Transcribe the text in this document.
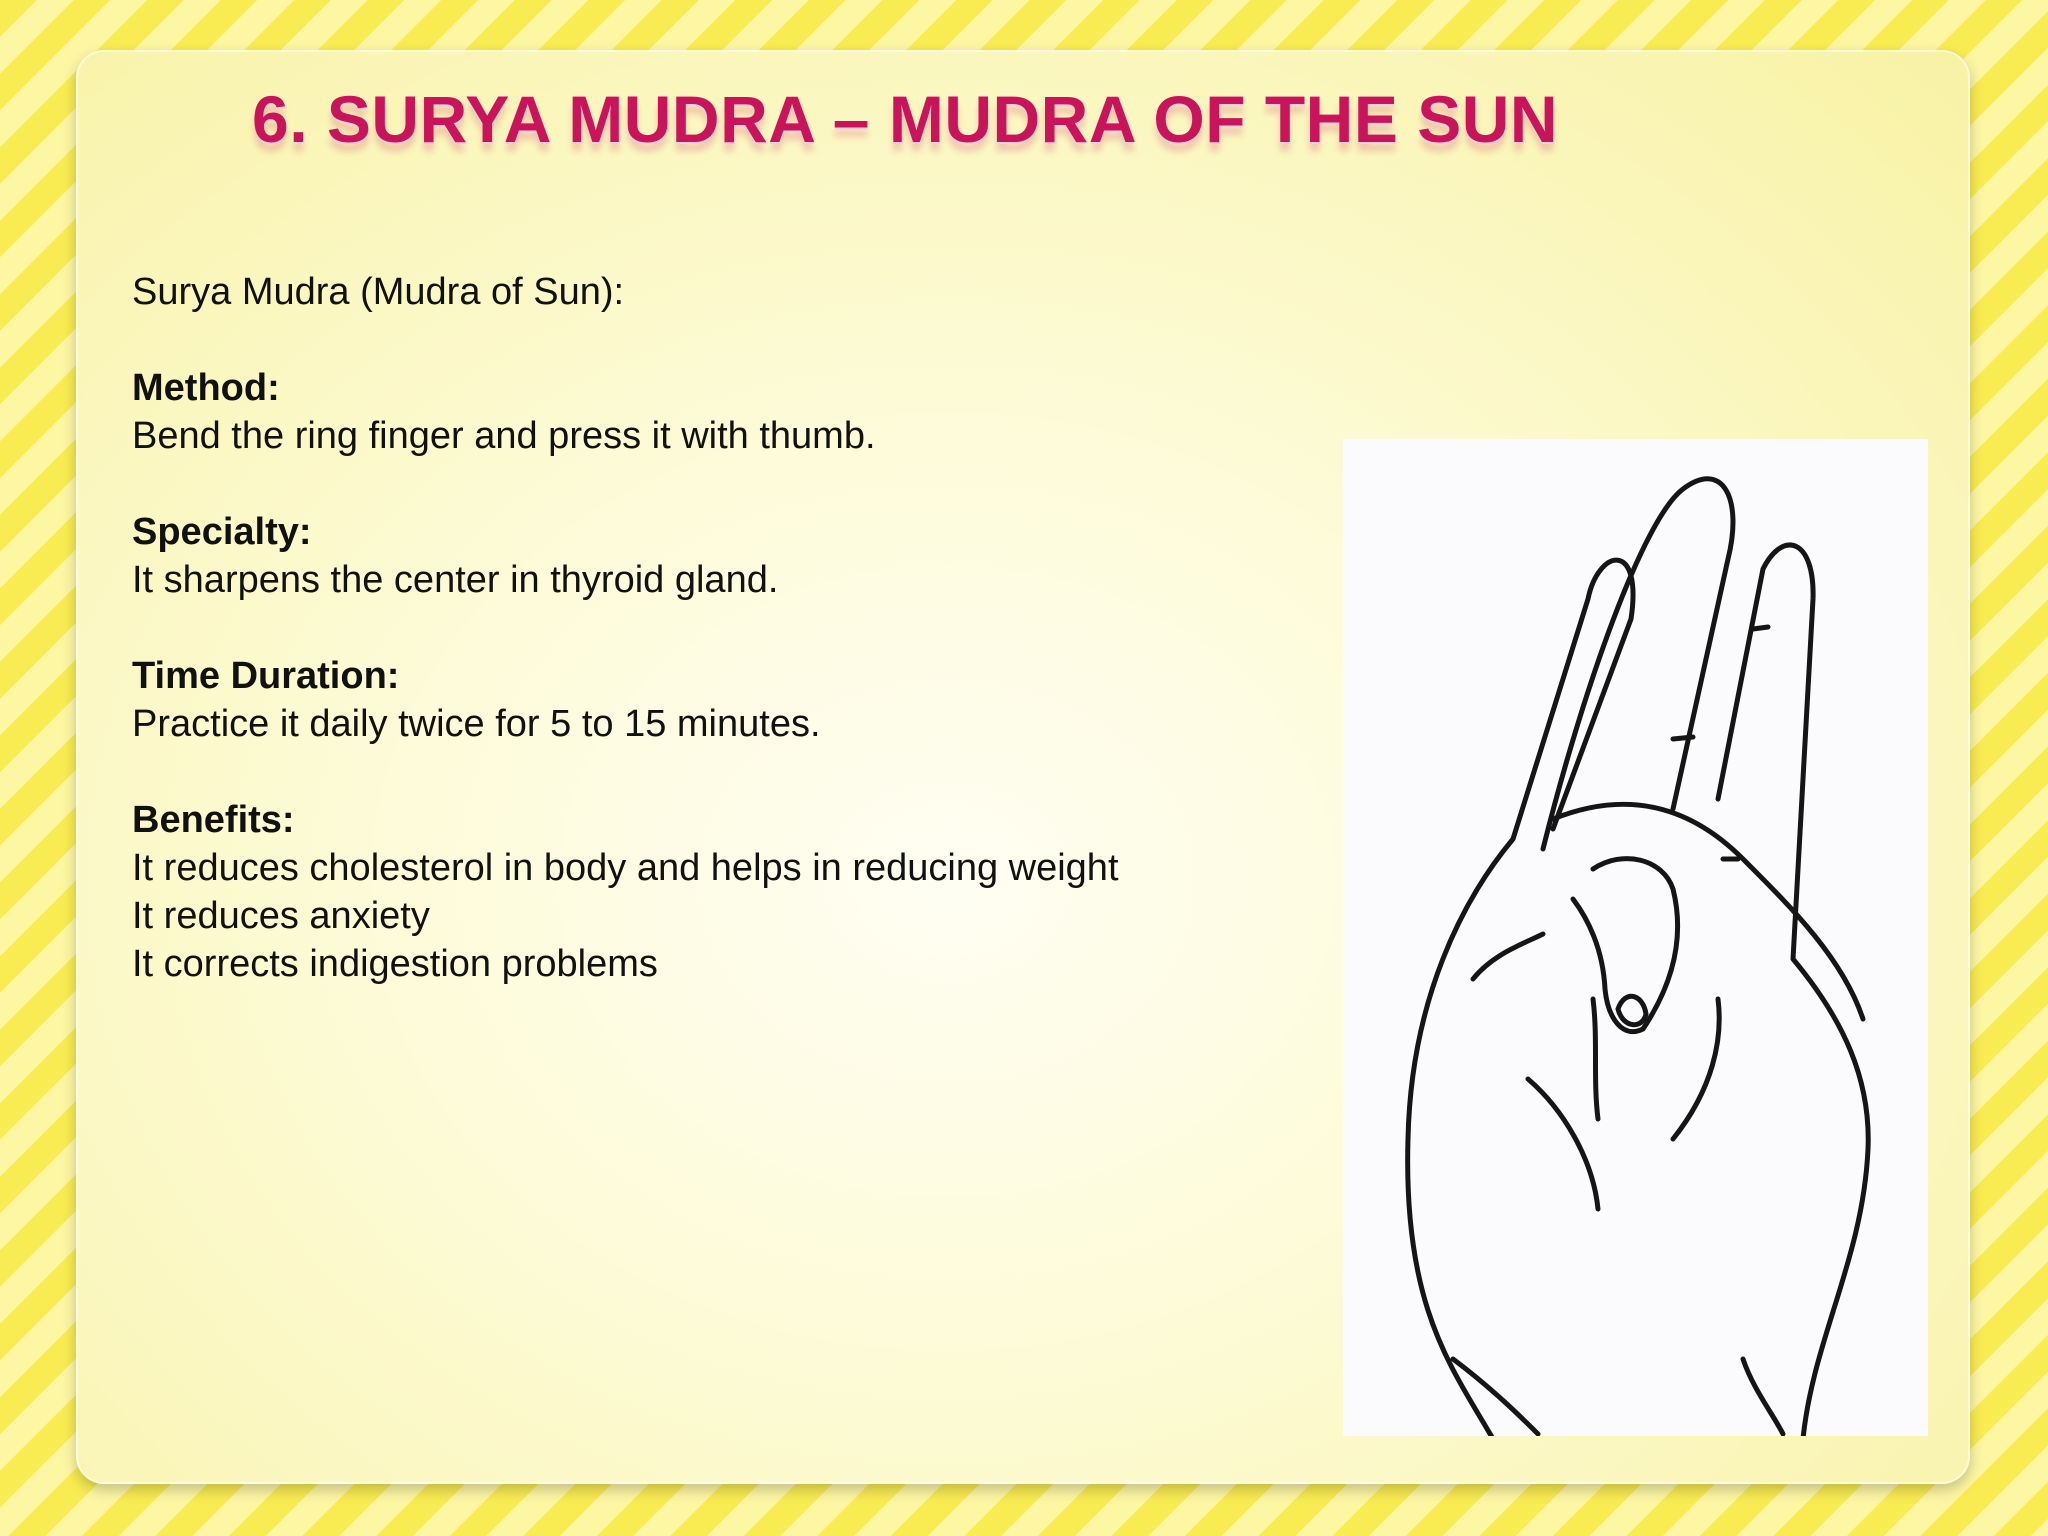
6. SURYA MUDRA – MUDRA OF THE SUN
Surya Mudra (Mudra of Sun):
Method:
Bend the ring finger and press it with thumb.
Specialty:
It sharpens the center in thyroid gland.
Time Duration:
Practice it daily twice for 5 to 15 minutes.
Benefits:
It reduces cholesterol in body and helps in reducing weight
It reduces anxiety
It corrects indigestion problems
